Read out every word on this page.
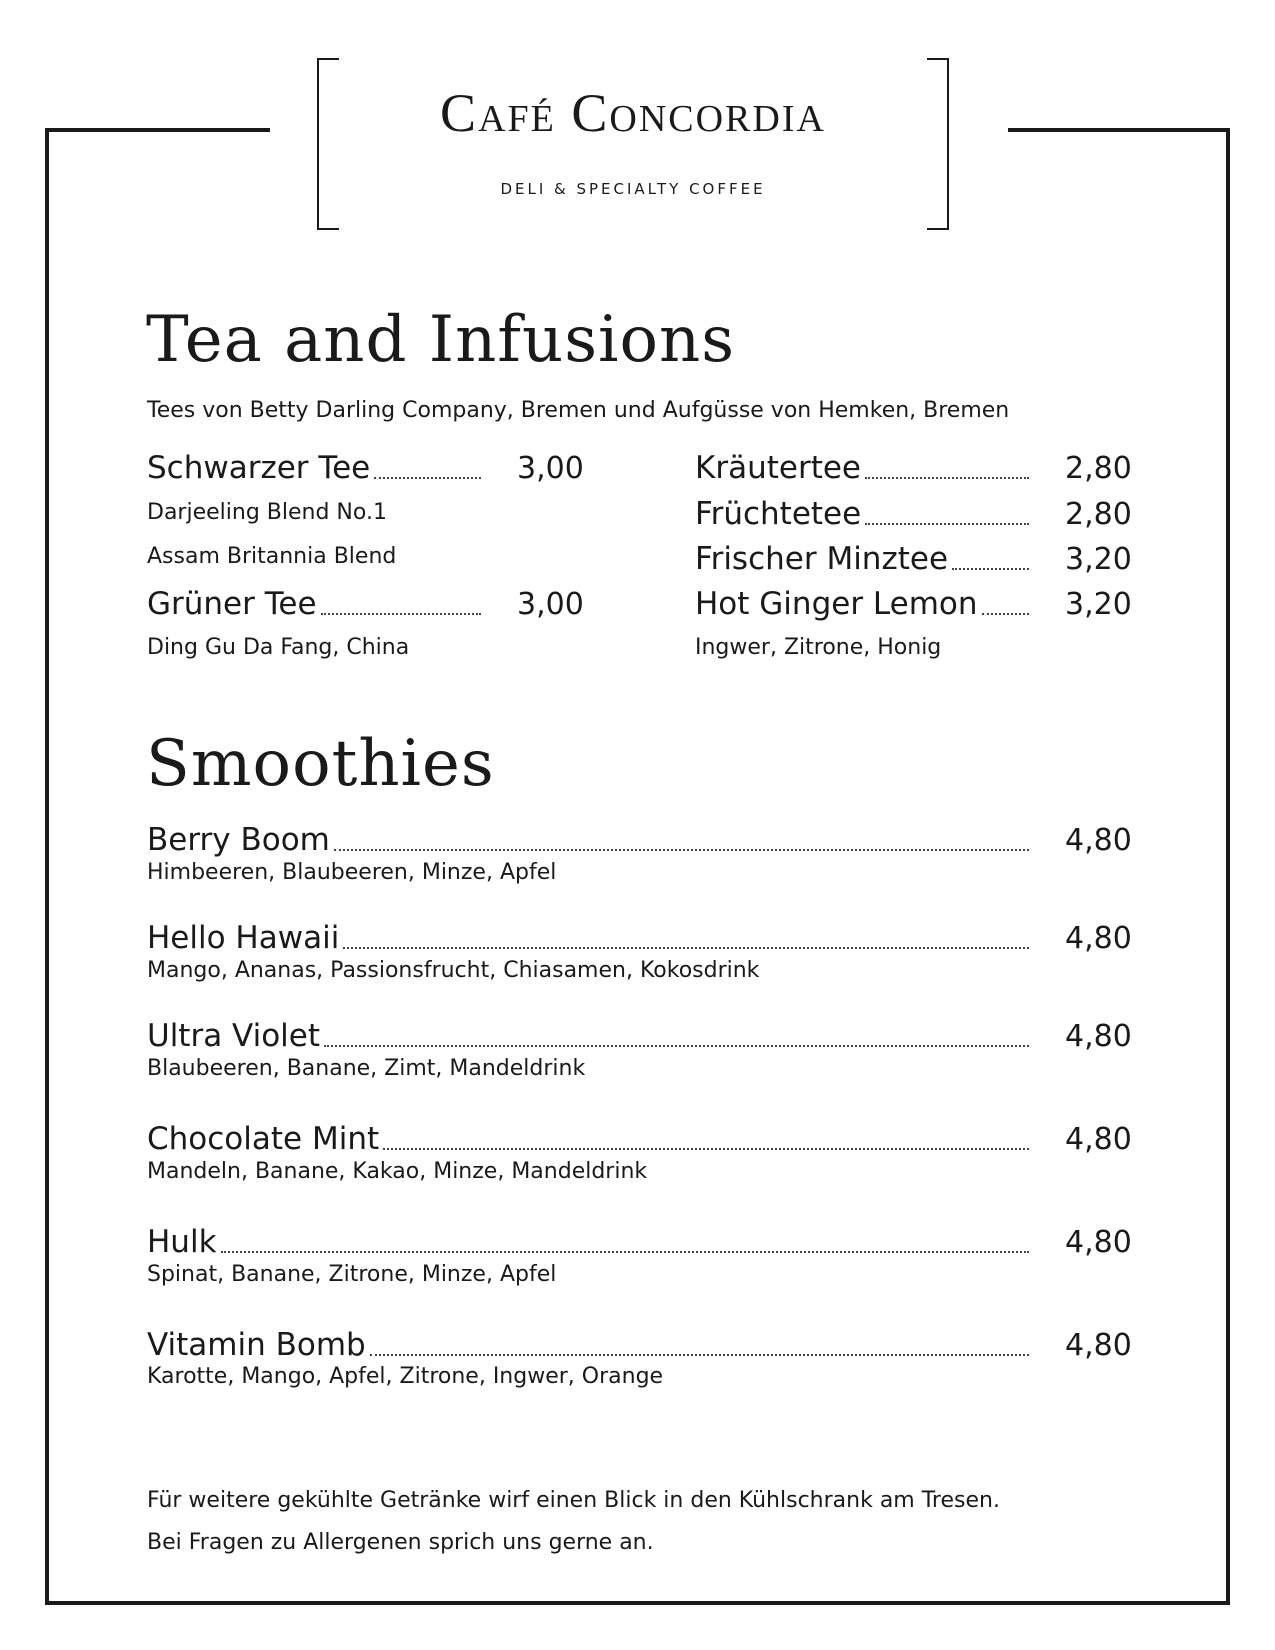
Café Concordia
DELI & SPECIALTY COFFEE
Tea and Infusions
Tees von Betty Darling Company, Bremen und Aufgüsse von Hemken, Bremen
Schwarzer Tee	3,00
Darjeeling Blend No.1
Assam Britannia Blend
Grüner Tee	3,00
Ding Gu Da Fang, China
Kräutertee	2,80
Früchtetee	2,80
Frischer Minztee	3,20
Hot Ginger Lemon	3,20
Ingwer, Zitrone, Honig
Smoothies
Berry Boom	4,80
Himbeeren, Blaubeeren, Minze, Apfel
Hello Hawaii	4,80
Mango, Ananas, Passionsfrucht, Chiasamen, Kokosdrink
Ultra Violet	4,80
Blaubeeren, Banane, Zimt, Mandeldrink
Chocolate Mint	4,80
Mandeln, Banane, Kakao, Minze, Mandeldrink
Hulk	4,80
Spinat, Banane, Zitrone, Minze, Apfel
Vitamin Bomb	4,80
Karotte, Mango, Apfel, Zitrone, Ingwer, Orange
Für weitere gekühlte Getränke wirf einen Blick in den Kühlschrank am Tresen.
Bei Fragen zu Allergenen sprich uns gerne an.
